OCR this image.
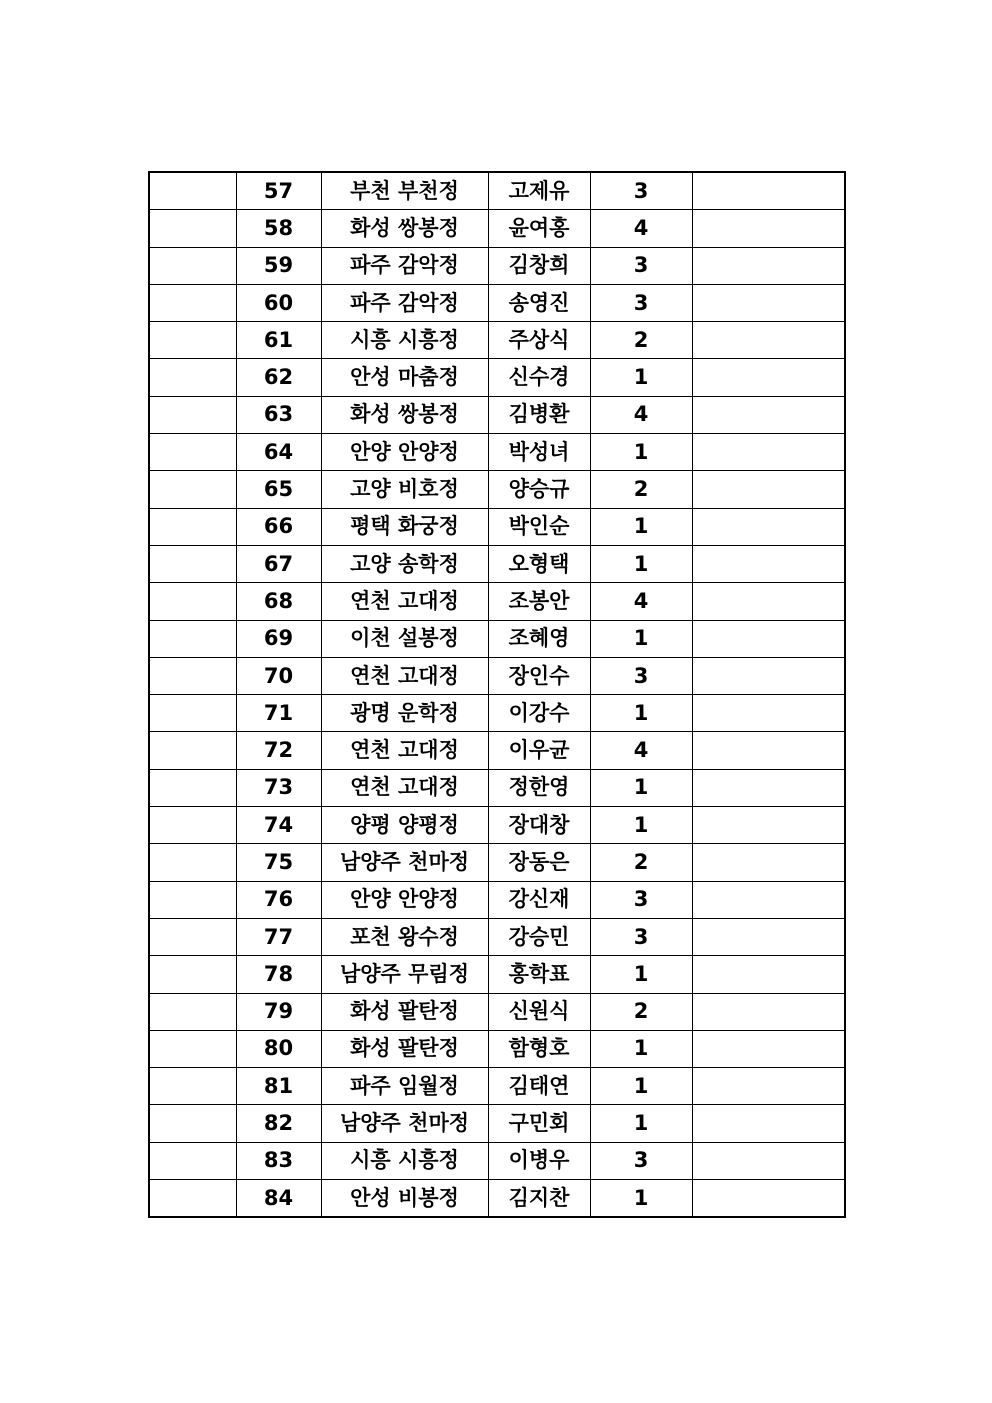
	57	부천 부천정	고제유	3	
	58	화성 쌍봉정	윤여홍	4	
	59	파주 감악정	김창희	3	
	60	파주 감악정	송영진	3	
	61	시흥 시흥정	주상식	2	
	62	안성 마춤정	신수경	1	
	63	화성 쌍봉정	김병환	4	
	64	안양 안양정	박성녀	1	
	65	고양 비호정	양승규	2	
	66	평택 화궁정	박인순	1	
	67	고양 송학정	오형택	1	
	68	연천 고대정	조봉안	4	
	69	이천 설봉정	조혜영	1	
	70	연천 고대정	장인수	3	
	71	광명 운학정	이강수	1	
	72	연천 고대정	이우균	4	
	73	연천 고대정	정한영	1	
	74	양평 양평정	장대창	1	
	75	남양주 천마정	장동은	2	
	76	안양 안양정	강신재	3	
	77	포천 왕수정	강승민	3	
	78	남양주 무림정	홍학표	1	
	79	화성 팔탄정	신원식	2	
	80	화성 팔탄정	함형호	1	
	81	파주 임월정	김태연	1	
	82	남양주 천마정	구민회	1	
	83	시흥 시흥정	이병우	3	
	84	안성 비봉정	김지찬	1	
